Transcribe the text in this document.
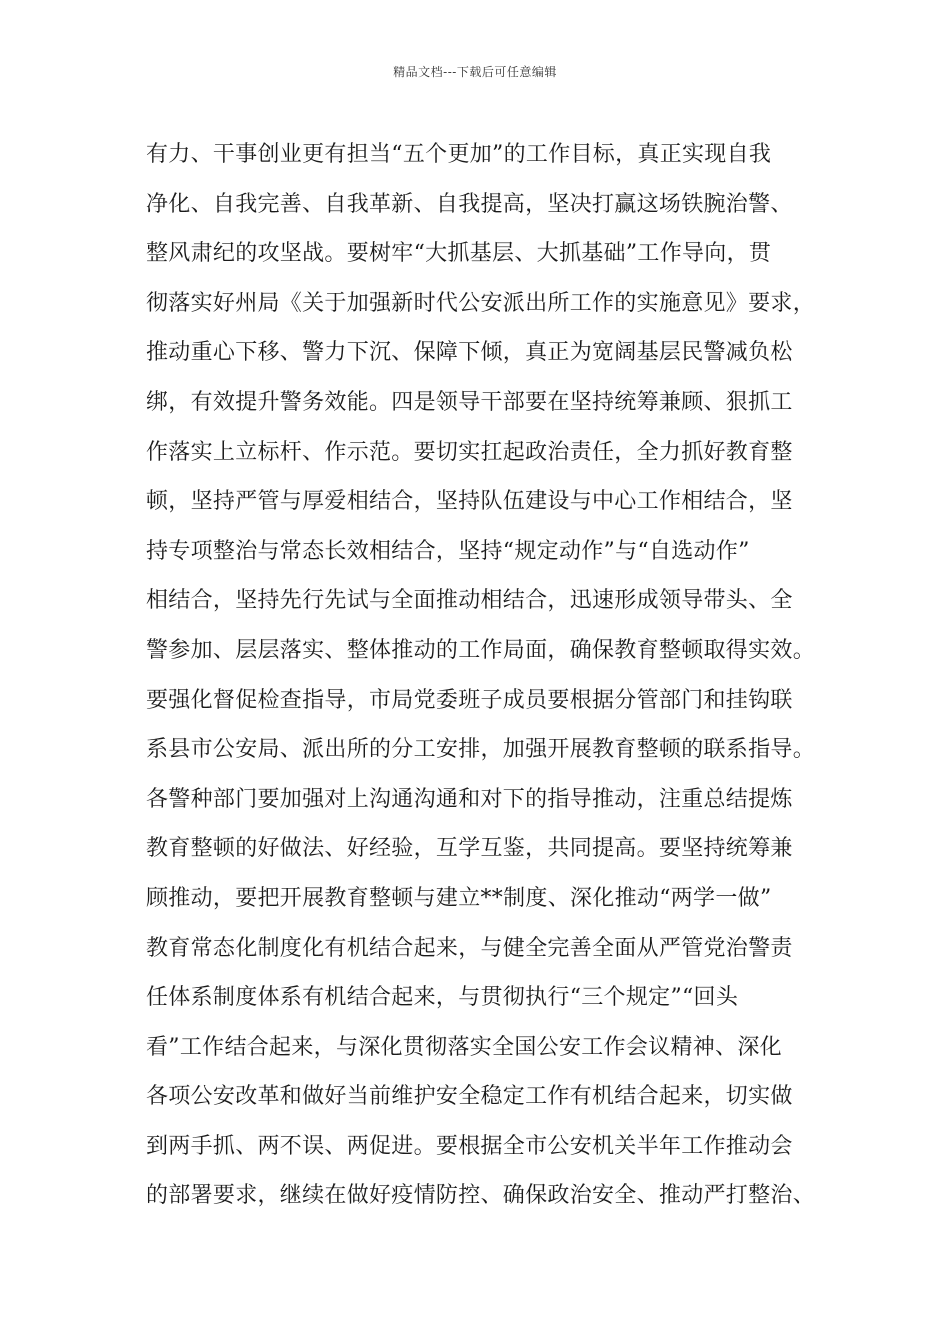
精品文档---下载后可任意编辑
有力、干事创业更有担当“五个更加”的工作目标，真正实现自我
净化、自我完善、自我革新、自我提高，坚决打赢这场铁腕治警、
整风肃纪的攻坚战。要树牢“大抓基层、大抓基础”工作导向，贯
彻落实好州局《关于加强新时代公安派出所工作的实施意见》要求，
推动重心下移、警力下沉、保障下倾，真正为宽阔基层民警减负松
绑，有效提升警务效能。四是领导干部要在坚持统筹兼顾、狠抓工
作落实上立标杆、作示范。要切实扛起政治责任，全力抓好教育整
顿，坚持严管与厚爱相结合，坚持队伍建设与中心工作相结合，坚
持专项整治与常态长效相结合，坚持“规定动作”与“自选动作”
相结合，坚持先行先试与全面推动相结合，迅速形成领导带头、全
警参加、层层落实、整体推动的工作局面，确保教育整顿取得实效。
要强化督促检查指导，市局党委班子成员要根据分管部门和挂钩联
系县市公安局、派出所的分工安排，加强开展教育整顿的联系指导。
各警种部门要加强对上沟通沟通和对下的指导推动，注重总结提炼
教育整顿的好做法、好经验，互学互鉴，共同提高。要坚持统筹兼
顾推动，要把开展教育整顿与建立**制度、深化推动“两学一做”
教育常态化制度化有机结合起来，与健全完善全面从严管党治警责
任体系制度体系有机结合起来，与贯彻执行“三个规定”“回头
看”工作结合起来，与深化贯彻落实全国公安工作会议精神、深化
各项公安改革和做好当前维护安全稳定工作有机结合起来，切实做
到两手抓、两不误、两促进。要根据全市公安机关半年工作推动会
的部署要求，继续在做好疫情防控、确保政治安全、推动严打整治、
